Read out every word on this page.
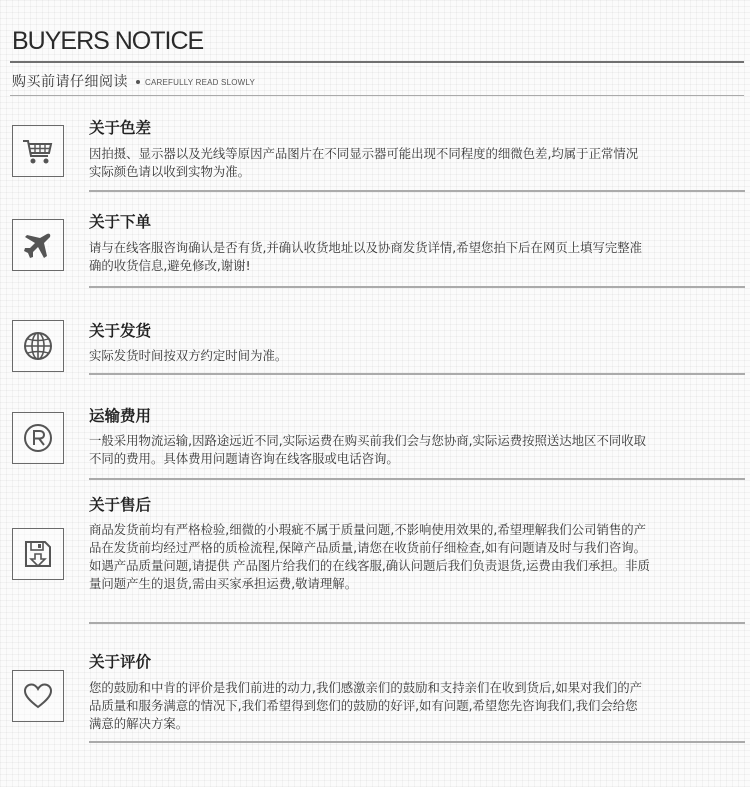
BUYERS NOTICE
购买前请仔细阅读 CAREFULLY READ SLOWLY
关于色差
因拍摄、显示器以及光线等原因产品图片在不同显示器可能出现不同程度的细微色差,均属于正常情况
实际颜色请以收到实物为准。
关于下单
请与在线客服咨询确认是否有货,并确认收货地址以及协商发货详情,希望您拍下后在网页上填写完整准
确的收货信息,避免修改,谢谢!
关于发货
实际发货时间按双方约定时间为准。
运输费用
一般采用物流运输,因路途远近不同,实际运费在购买前我们会与您协商,实际运费按照送达地区不同收取
不同的费用。具体费用问题请咨询在线客服或电话咨询。
关于售后
商品发货前均有严格检验,细微的小瑕疵不属于质量问题,不影响使用效果的,希望理解我们公司销售的产
品在发货前均经过严格的质检流程,保障产品质量,请您在收货前仔细检查,如有问题请及时与我们咨询。
如遇产品质量问题,请提供 产品图片给我们的在线客服,确认问题后我们负责退货,运费由我们承担。非质
量问题产生的退货,需由买家承担运费,敬请理解。
关于评价
您的鼓励和中肯的评价是我们前进的动力,我们感激亲们的鼓励和支持亲们在收到货后,如果对我们的产
品质量和服务满意的情况下,我们希望得到您们的鼓励的好评,如有问题,希望您先咨询我们,我们会给您
满意的解决方案。
